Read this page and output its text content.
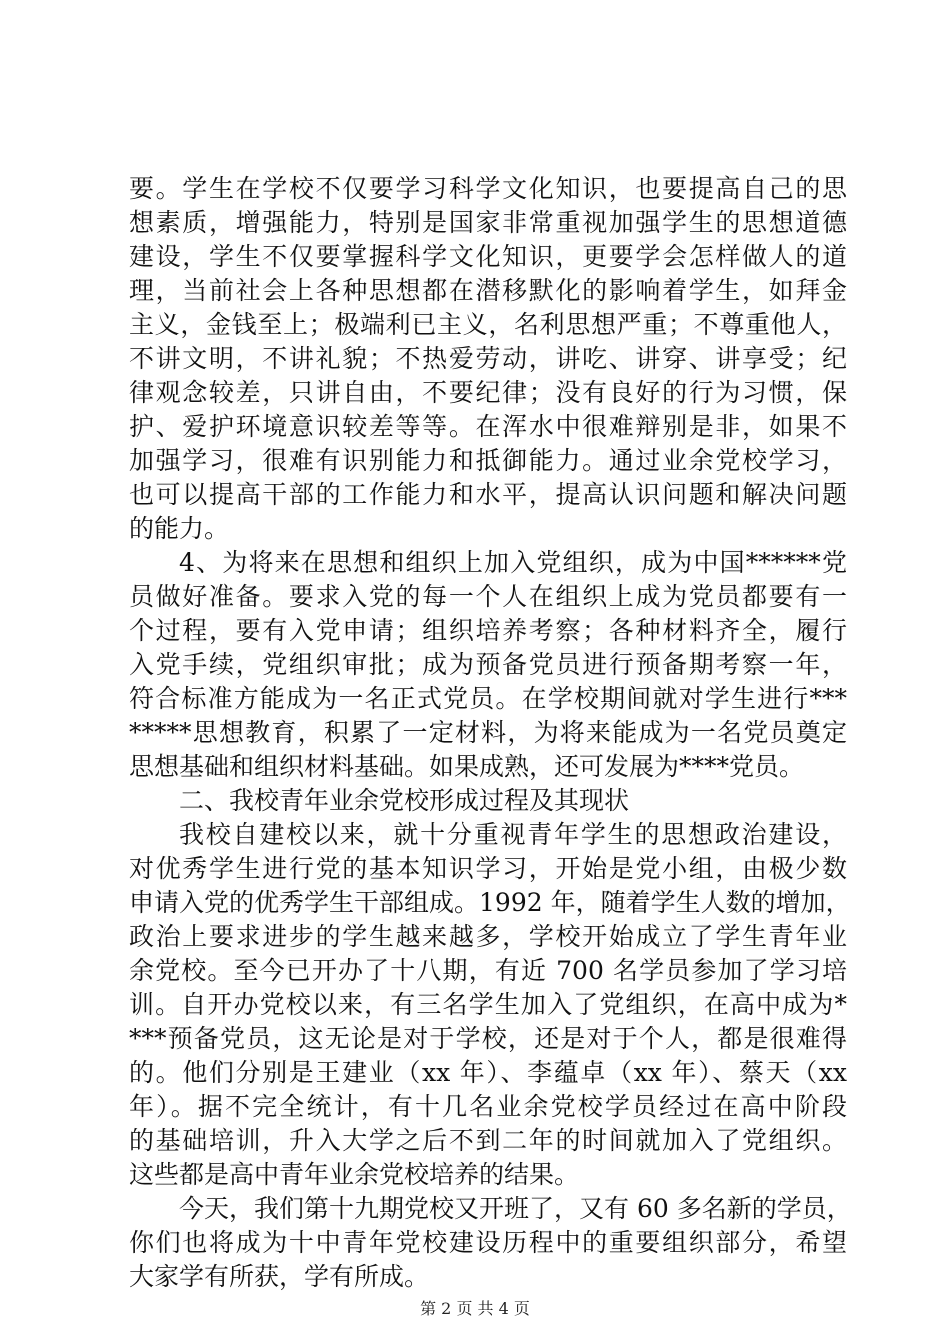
要。学生在学校不仅要学习科学文化知识，也要提高自己的思
想素质，增强能力，特别是国家非常重视加强学生的思想道德
建设，学生不仅要掌握科学文化知识，更要学会怎样做人的道
理，当前社会上各种思想都在潜移默化的影响着学生，如拜金
主义，金钱至上；极端利已主义，名利思想严重；不尊重他人，
不讲文明，不讲礼貌；不热爱劳动，讲吃、讲穿、讲享受；纪
律观念较差，只讲自由，不要纪律；没有良好的行为习惯，保
护、爱护环境意识较差等等。在浑水中很难辩别是非，如果不
加强学习，很难有识别能力和抵御能力。通过业余党校学习，
也可以提高干部的工作能力和水平，提高认识问题和解决问题
的能力。
4、为将来在思想和组织上加入党组织，成为中国******党
员做好准备。要求入党的每一个人在组织上成为党员都要有一
个过程，要有入党申请；组织培养考察；各种材料齐全，履行
入党手续，党组织审批；成为预备党员进行预备期考察一年，
符合标准方能成为一名正式党员。在学校期间就对学生进行***
*****思想教育，积累了一定材料，为将来能成为一名党员奠定
思想基础和组织材料基础。如果成熟，还可发展为****党员。
二、我校青年业余党校形成过程及其现状
我校自建校以来，就十分重视青年学生的思想政治建设，
对优秀学生进行党的基本知识学习，开始是党小组，由极少数
申请入党的优秀学生干部组成。1992 年，随着学生人数的增加，
政治上要求进步的学生越来越多，学校开始成立了学生青年业
余党校。至今已开办了十八期，有近 700 名学员参加了学习培
训。自开办党校以来，有三名学生加入了党组织，在高中成为*
***预备党员，这无论是对于学校，还是对于个人，都是很难得
的。他们分别是王建业（xx 年）、李蕴卓（xx 年）、蔡天（xx
年）。据不完全统计，有十几名业余党校学员经过在高中阶段
的基础培训，升入大学之后不到二年的时间就加入了党组织。
这些都是高中青年业余党校培养的结果。
今天，我们第十九期党校又开班了，又有 60 多名新的学员，
你们也将成为十中青年党校建设历程中的重要组织部分，希望
大家学有所获，学有所成。
第 2 页 共 4 页
